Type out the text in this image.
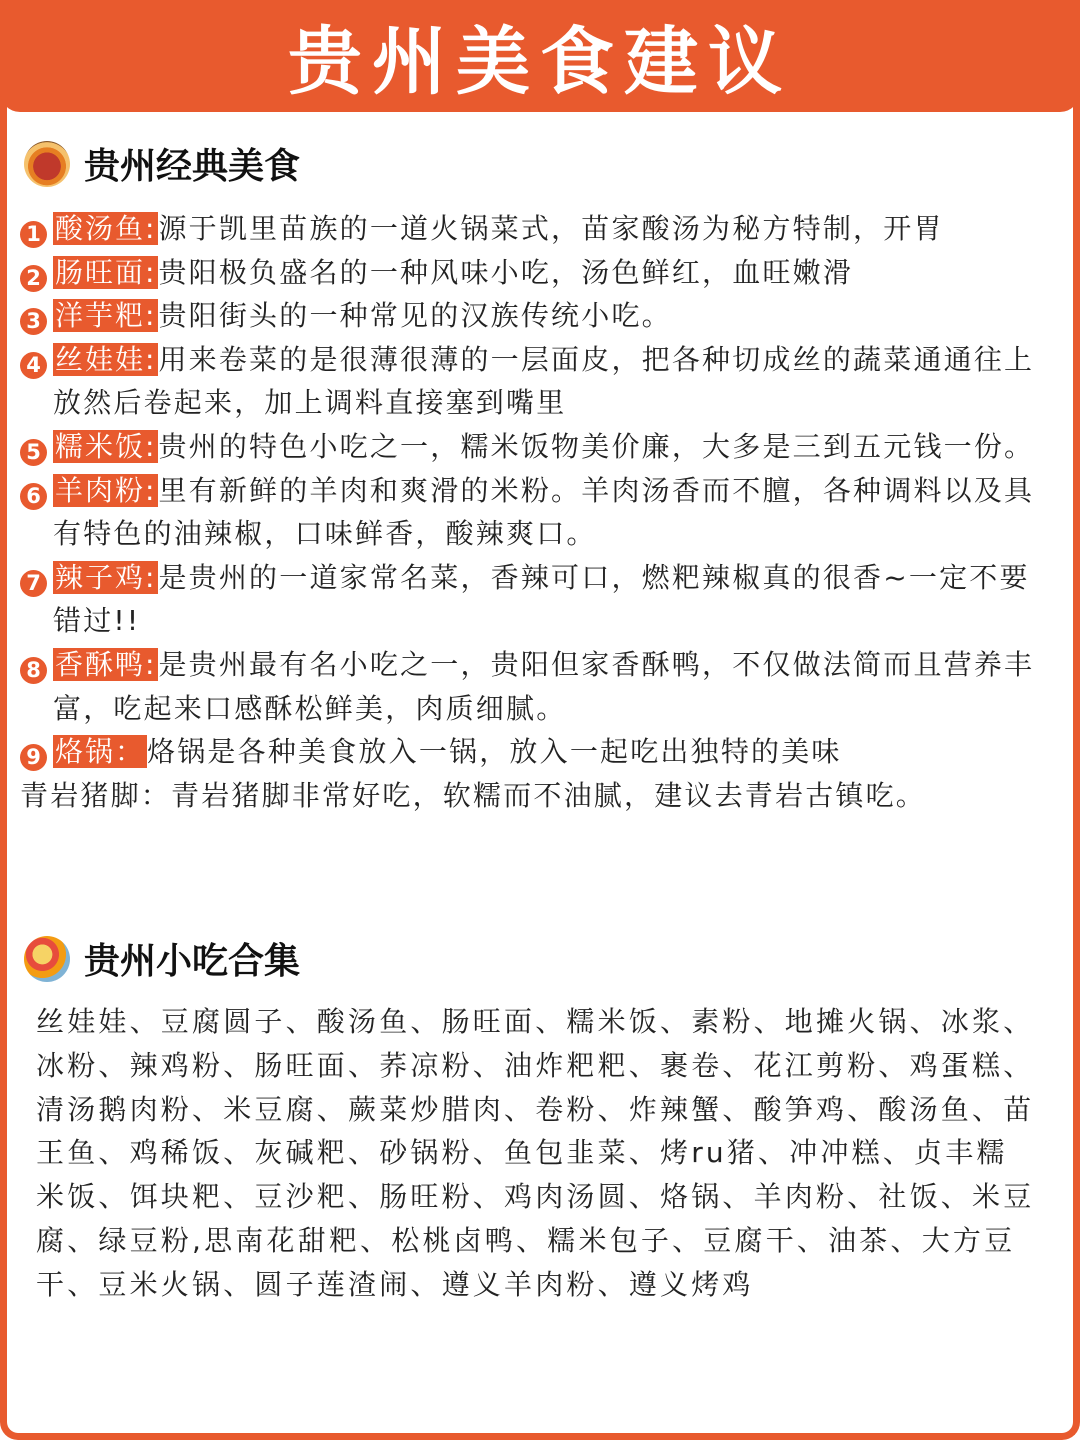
贵州美食建议
贵州经典美食
1 酸汤鱼:源于凯里苗族的一道火锅菜式，苗家酸汤为秘方特制，开胃
2 肠旺面:贵阳极负盛名的一种风味小吃，汤色鲜红，血旺嫩滑
3 洋芋粑:贵阳街头的一种常见的汉族传统小吃。
4 丝娃娃:用来卷菜的是很薄很薄的一层面皮，把各种切成丝的蔬菜通通往上放然后卷起来，加上调料直接塞到嘴里
5 糯米饭:贵州的特色小吃之一，糯米饭物美价廉，大多是三到五元钱一份。
6 羊肉粉:里有新鲜的羊肉和爽滑的米粉。羊肉汤香而不膻，各种调料以及具有特色的油辣椒，口味鲜香，酸辣爽口。
7 辣子鸡:是贵州的一道家常名菜，香辣可口，燃粑辣椒真的很香~一定不要错过!!
8 香酥鸭:是贵州最有名小吃之一，贵阳但家香酥鸭，不仅做法简而且营养丰富，吃起来口感酥松鲜美，肉质细腻。
9 烙锅：烙锅是各种美食放入一锅，放入一起吃出独特的美味
青岩猪脚：青岩猪脚非常好吃，软糯而不油腻，建议去青岩古镇吃。
贵州小吃合集
丝娃娃、豆腐圆子、酸汤鱼、肠旺面、糯米饭、素粉、地摊火锅、冰浆、冰粉、辣鸡粉、肠旺面、荞凉粉、油炸粑粑、裹卷、花江剪粉、鸡蛋糕、清汤鹅肉粉、米豆腐、蕨菜炒腊肉、卷粉、炸辣蟹、酸笋鸡、酸汤鱼、苗王鱼、鸡稀饭、灰碱粑、砂锅粉、鱼包韭菜、烤ru猪、冲冲糕、贞丰糯米饭、饵块粑、豆沙粑、肠旺粉、鸡肉汤圆、烙锅、羊肉粉、社饭、米豆腐、绿豆粉,思南花甜粑、松桃卤鸭、糯米包子、豆腐干、油茶、大方豆干、豆米火锅、圆子莲渣闹、遵义羊肉粉、遵义烤鸡
